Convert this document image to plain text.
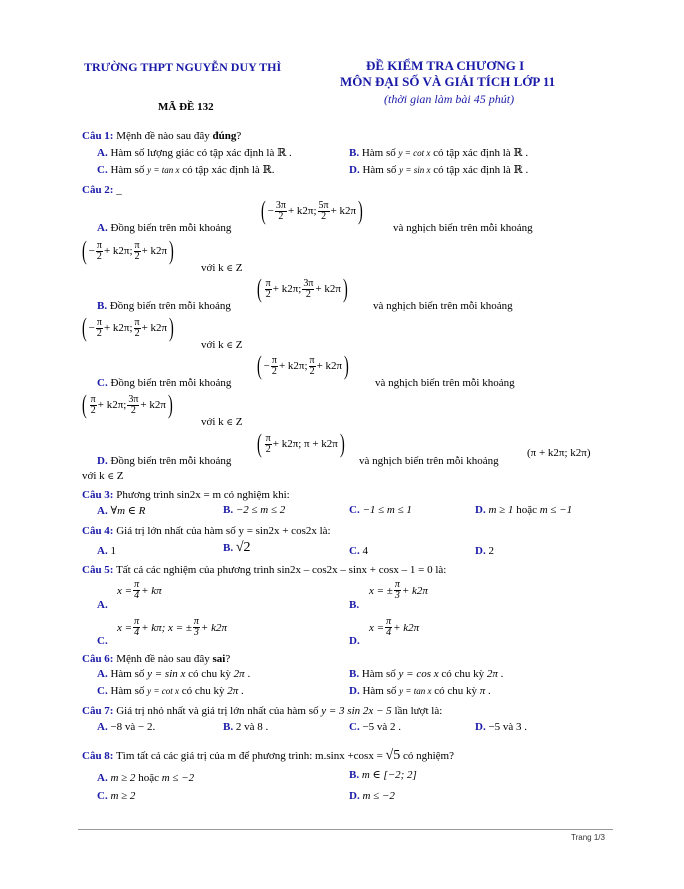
TRƯỜNG THPT NGUYỄN DUY THÌ	ĐỀ KIỂM TRA CHƯƠNG I
MÔN ĐẠI SỐ VÀ GIẢI TÍCH LỚP 11
(thời gian làm bài 45 phút)
MÃ ĐỀ 132
Câu 1: Mệnh đề nào sau đây đúng?
A. Hàm số lượng giác có tập xác định là ℝ .	B. Hàm số y = cot x có tập xác định là ℝ .
C. Hàm số y = tan x có tập xác định là ℝ.	D. Hàm số y = sin x có tập xác định là ℝ .
Câu 2: _
A. Đồng biến trên mỗi khoảng
( − $\frac{3\pi}{2} + k2\pi$; $\frac{5\pi}{2} + k2\pi$ )
và nghịch biến trên mỗi khoảng
( − $\frac{\pi}{2} + k2\pi$; $\frac{\pi}{2} + k2\pi$ )
với k ∈ Z
B. Đồng biến trên mỗi khoảng
( $\frac{\pi}{2} + k2\pi$; $\frac{3\pi}{2} + k2\pi$ )
và nghịch biến trên mỗi khoảng
( − $\frac{\pi}{2} + k2\pi$; $\frac{\pi}{2} + k2\pi$ )
với k ∈ Z
C. Đồng biến trên mỗi khoảng
( − $\frac{\pi}{2} + k2\pi$; $\frac{\pi}{2} + k2\pi$ )
và nghịch biến trên mỗi khoảng
( $\frac{\pi}{2} + k2\pi$; $\frac{3\pi}{2} + k2\pi$ )
với k ∈ Z
D. Đồng biến trên mỗi khoảng
( $\frac{\pi}{2} + k2\pi$; π + k2π )
và nghịch biến trên mỗi khoảng
(π + k2π; k2π)
với k ∈ Z
Câu 3: Phương trình sin2x = m có nghiệm khi:
A. ∀m ∈ R	B. −2 ≤ m ≤ 2	C. −1 ≤ m ≤ 1	D. m ≥ 1 hoặc m ≤ −1
Câu 4: Giá trị lớn nhất của hàm số y = sin2x + cos2x là:
A. 1	B. √2	C. 4	D. 2
Câu 5: Tất cả các nghiệm của phương trình sin2x – cos2x – sinx + cosx – 1 = 0 là:
A.
$x = \frac{\pi}{4} + k\pi$
B.
x = ± $\frac{\pi}{3} + k2\pi$
C.
$x = \frac{\pi}{4} + k\pi$; x = ± $\frac{\pi}{3} + k2\pi$
D.
$x = \frac{\pi}{4} + k2\pi$
Câu 6: Mệnh đề nào sau đây sai?
A. Hàm số y = sin x có chu kỳ 2π .	B. Hàm số y = cos x có chu kỳ 2π .
C. Hàm số y = cot x có chu kỳ 2π .	D. Hàm số y = tan x có chu kỳ π .
Câu 7: Giá trị nhỏ nhất và giá trị lớn nhất của hàm số y = 3 sin 2x − 5 lần lượt là:
A. −8 và − 2.	B. 2 và 8 .	C. −5 và 2 .	D. −5 và 3 .
Câu 8: Tìm tất cả các giá trị của m để phương trình: m.sinx +cosx = √5 có nghiệm?
A. m ≥ 2 hoặc m ≤ −2	B. m ∈ [−2; 2]
C. m ≥ 2	D. m ≤ −2
Trang 1/3
